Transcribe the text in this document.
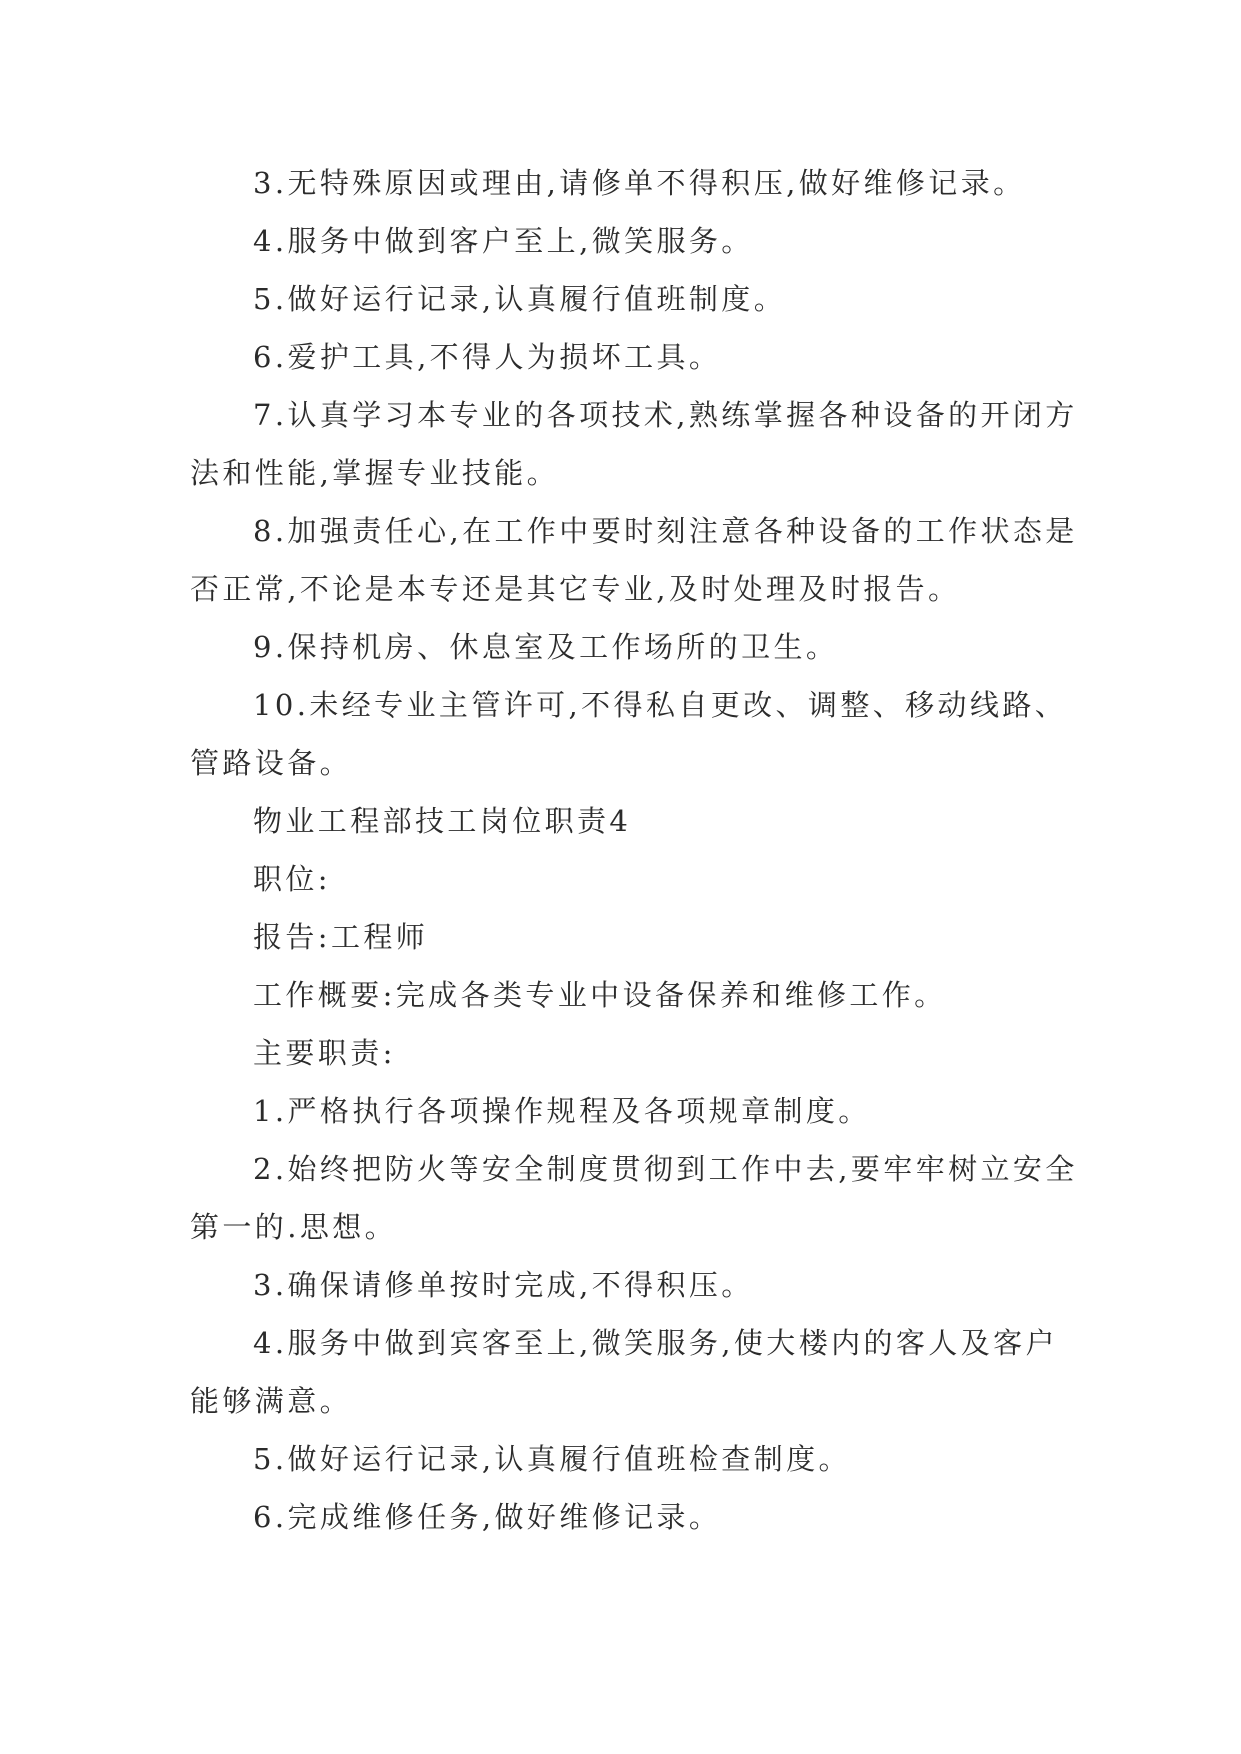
3.无特殊原因或理由,请修单不得积压,做好维修记录。

4.服务中做到客户至上,微笑服务。

5.做好运行记录,认真履行值班制度。

6.爱护工具,不得人为损坏工具。

7.认真学习本专业的各项技术,熟练掌握各种设备的开闭方法和性能,掌握专业技能。

8.加强责任心,在工作中要时刻注意各种设备的工作状态是否正常,不论是本专还是其它专业,及时处理及时报告。

9.保持机房、休息室及工作场所的卫生。

10.未经专业主管许可,不得私自更改、调整、移动线路、管路设备。

物业工程部技工岗位职责4

职位:

报告:工程师

工作概要:完成各类专业中设备保养和维修工作。

主要职责:

1.严格执行各项操作规程及各项规章制度。

2.始终把防火等安全制度贯彻到工作中去,要牢牢树立安全第一的.思想。

3.确保请修单按时完成,不得积压。

4.服务中做到宾客至上,微笑服务,使大楼内的客人及客户能够满意。

5.做好运行记录,认真履行值班检查制度。

6.完成维修任务,做好维修记录。
